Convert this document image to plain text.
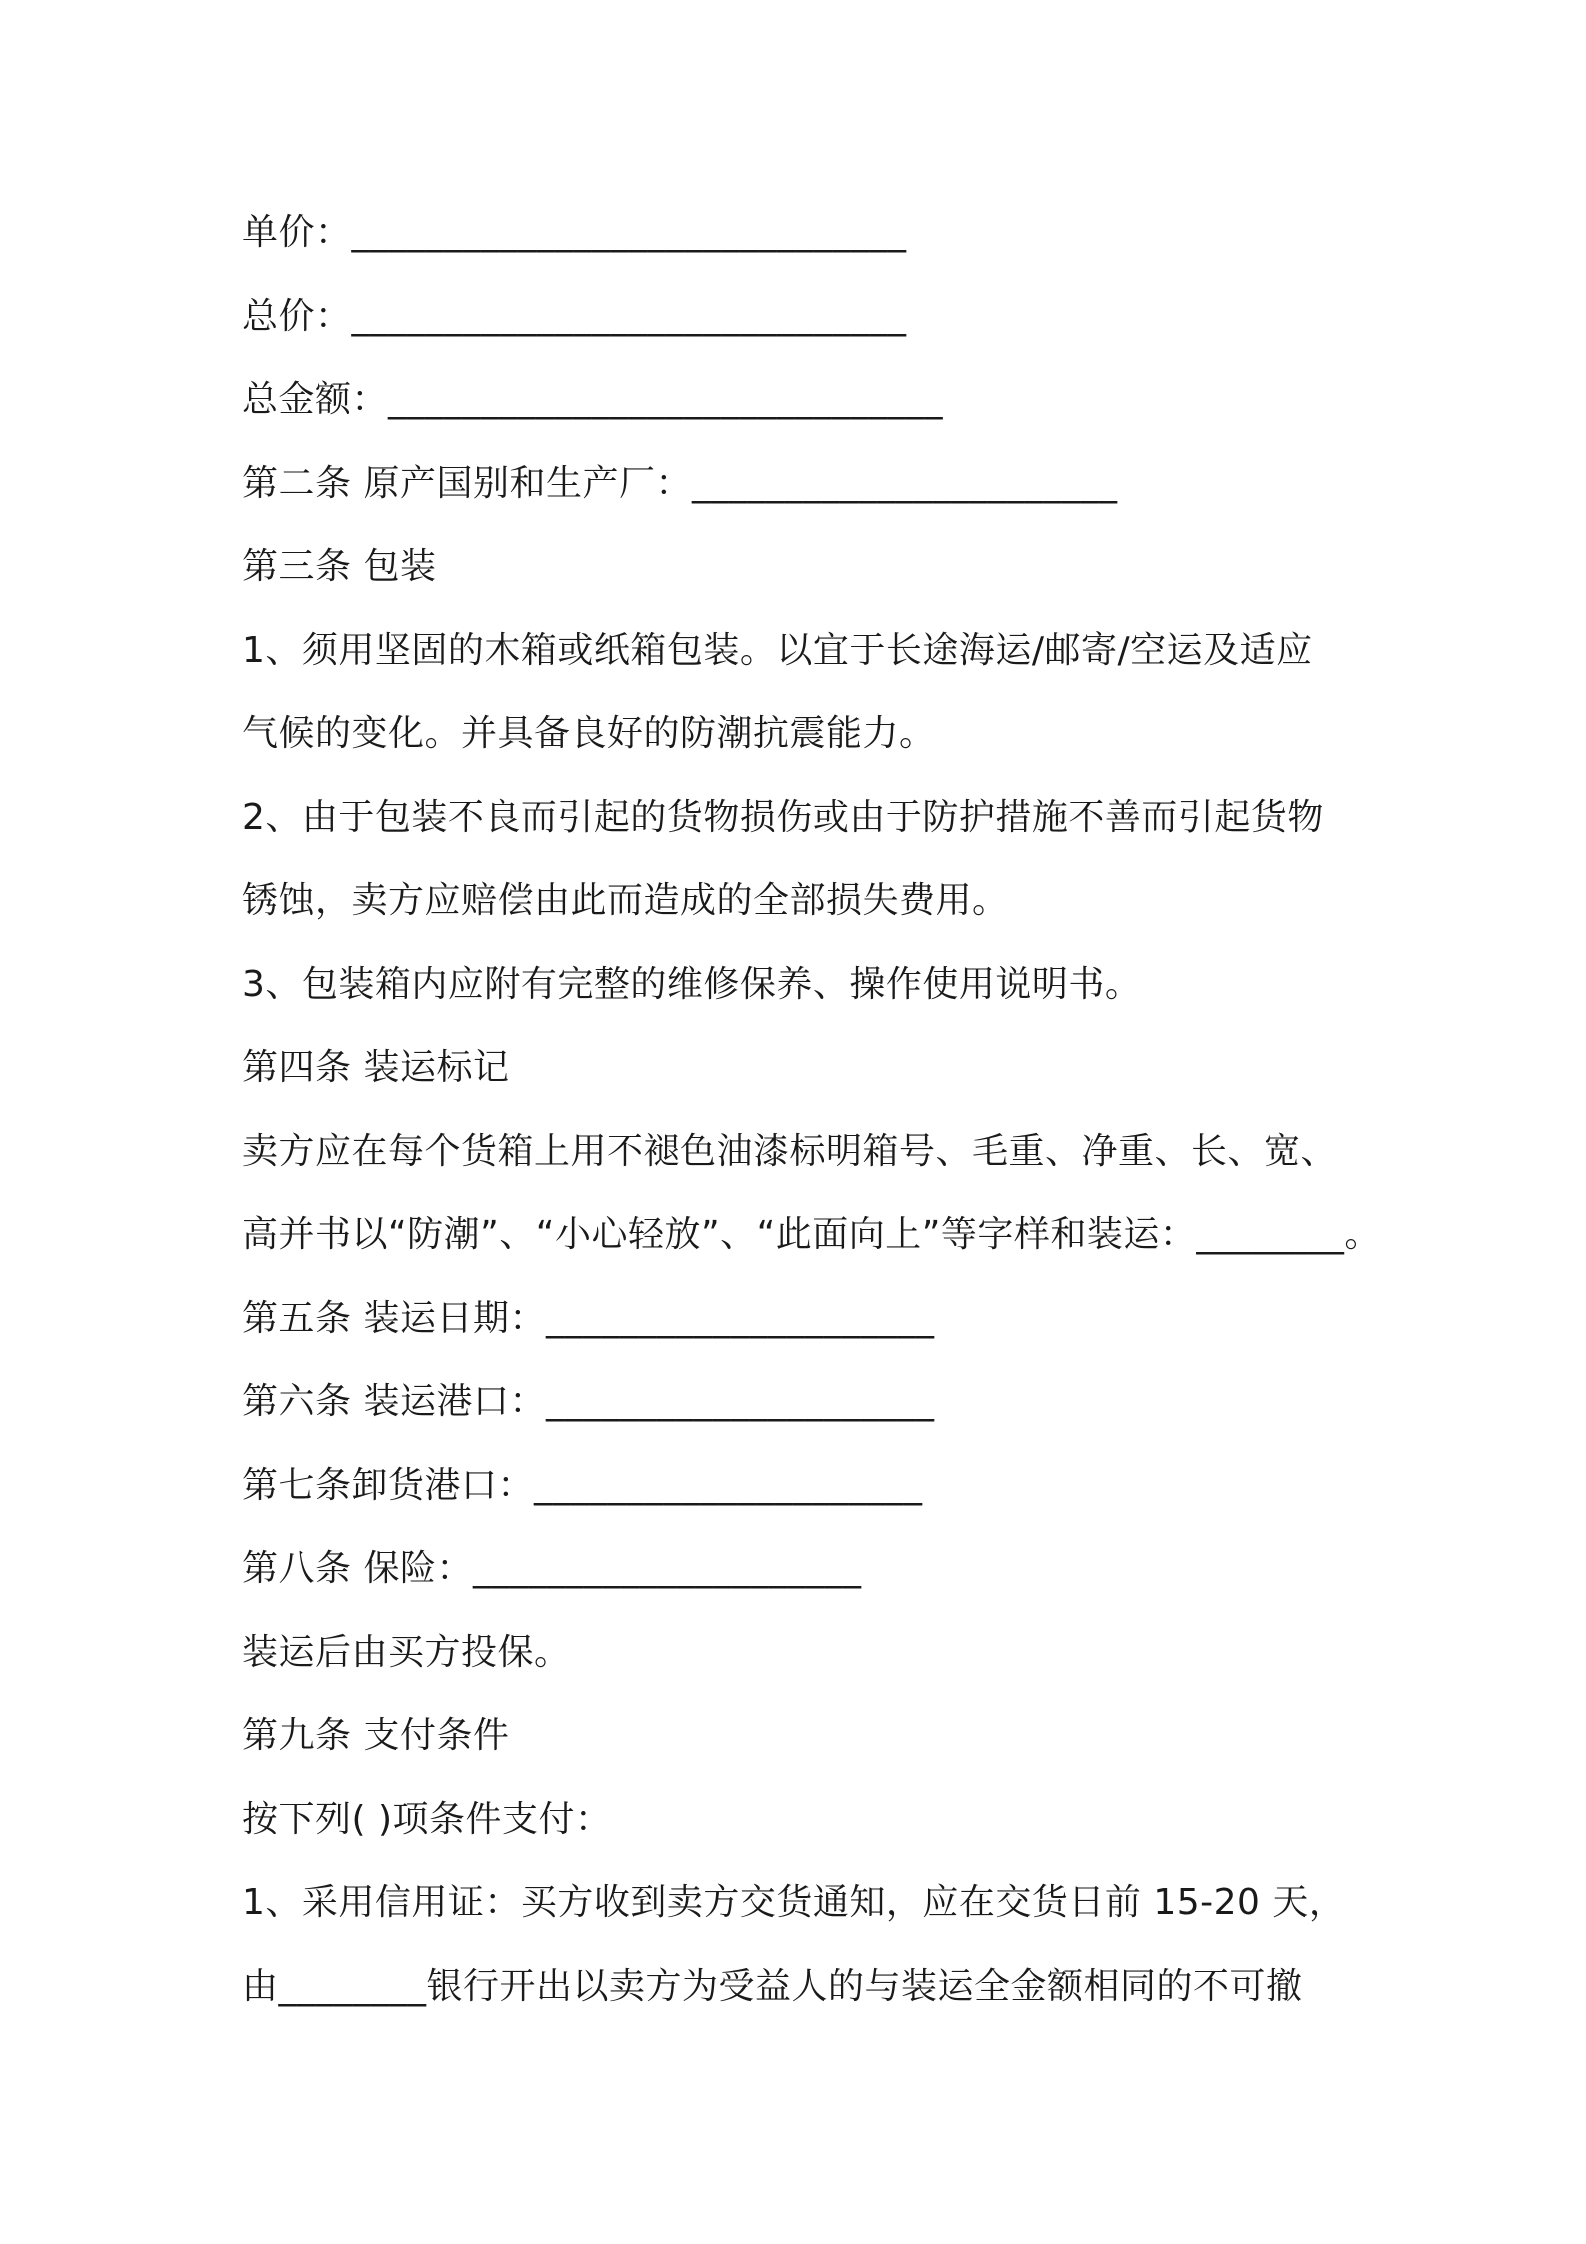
单价：______________________________
总价：______________________________
总金额：______________________________
第二条 原产国别和生产厂：_______________________
第三条 包装
1、须用坚固的木箱或纸箱包装。以宜于长途海运/邮寄/空运及适应
气候的变化。并具备良好的防潮抗震能力。
2、由于包装不良而引起的货物损伤或由于防护措施不善而引起货物
锈蚀，卖方应赔偿由此而造成的全部损失费用。
3、包装箱内应附有完整的维修保养、操作使用说明书。
第四条 装运标记
卖方应在每个货箱上用不褪色油漆标明箱号、毛重、净重、长、宽、
高并书以“防潮”、“小心轻放”、“此面向上”等字样和装运：________。
第五条 装运日期：_____________________
第六条 装运港口：_____________________
第七条卸货港口：_____________________
第八条 保险：_____________________
装运后由买方投保。
第九条 支付条件
按下列( )项条件支付：
1、采用信用证：买方收到卖方交货通知，应在交货日前 15-20 天，
由________银行开出以卖方为受益人的与装运全金额相同的不可撤
